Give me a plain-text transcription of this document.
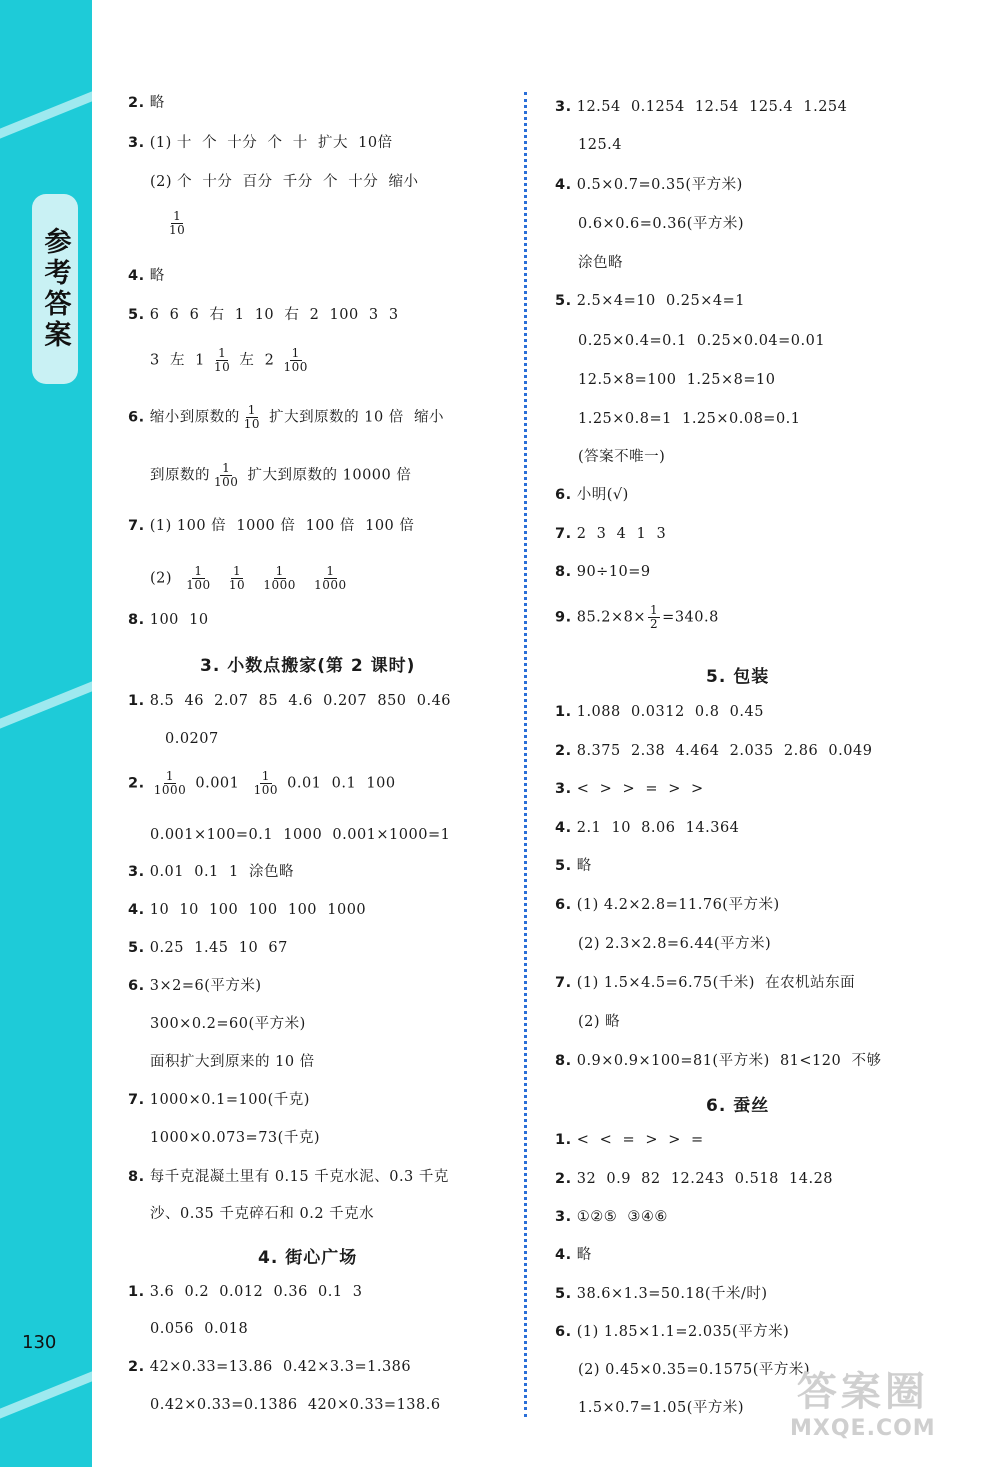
参考答案
130
2. 略
3. (1) 十  个  十分  个  十  扩大  10倍
(2) 个  十分  百分  千分  个  十分  缩小
$\frac{1}{10}$
4. 略
5. 6  6  6  右  1  10  右  2  100  3  3
3  左  $1 \frac{1}{10}$ 左  $2 \frac{1}{100}$
6. 缩小到原数的 $\frac{1}{10}$ 扩大到原数的 10 倍  缩小
到原数的 $\frac{1}{100}$ 扩大到原数的 10000 倍
7. (1) 100 倍  1000 倍  100 倍  100 倍
$(2) \frac{1}{100}$
$\frac{1}{10}$
$\frac{1}{1000}$
$\frac{1}{1000}$
8. 100  10
3. 小数点搬家(第 2 课时)
1. 8.5  46  2.07  85  4.6  0.207  850  0.46
0.0207
2. $\frac{1}{1000} 0.001 \frac{1}{100} 0.01$  0.1  100
0.001×100=0.1  1000  0.001×1000=1
3. 0.01  0.1  1  涂色略
4. 10  10  100  100  100  1000
5. 0.25  1.45  10  67
6. 3×2=6(平方米)
300×0.2=60(平方米)
面积扩大到原来的 10 倍
7. 1000×0.1=100(千克)
1000×0.073=73(千克)
8. 每千克混凝土里有 0.15 千克水泥、0.3 千克
沙、0.35 千克碎石和 0.2 千克水
4. 街心广场
1. 3.6  0.2  0.012  0.36  0.1  3
0.056  0.018
2. 42×0.33=13.86  0.42×3.3=1.386
0.42×0.33=0.1386  420×0.33=138.6
3. 12.54  0.1254  12.54  125.4  1.254
125.4
4. 0.5×0.7=0.35(平方米)
0.6×0.6=0.36(平方米)
涂色略
5. 2.5×4=10  0.25×4=1
0.25×0.4=0.1  0.25×0.04=0.01
12.5×8=100  1.25×8=10
1.25×0.8=1  1.25×0.08=0.1
(答案不唯一)
6. 小明(√)
7. 2  3  4  1  3
8. 90÷10=9
9. $85.2\times 8\times \frac{1}{2} =340.8$
5. 包装
1. 1.088  0.0312  0.8  0.45
2. 8.375  2.38  4.464  2.035  2.86  0.049
3. <  >  >  =  >  >
4. 2.1  10  8.06  14.364
5. 略
6. (1) 4.2×2.8=11.76(平方米)
(2) 2.3×2.8=6.44(平方米)
7. (1) 1.5×4.5=6.75(千米)  在农机站东面
(2) 略
8. 0.9×0.9×100=81(平方米)  81<120  不够
6. 蚕丝
1. <  <  =  >  >  =
2. 32  0.9  82  12.243  0.518  14.28
3. ①②⑤  ③④⑥
4. 略
5. 38.6×1.3=50.18(千米/时)
6. (1) 1.85×1.1=2.035(平方米)
(2) 0.45×0.35=0.1575(平方米)
1.5×0.7=1.05(平方米) 答案圈
MXQE.COM
